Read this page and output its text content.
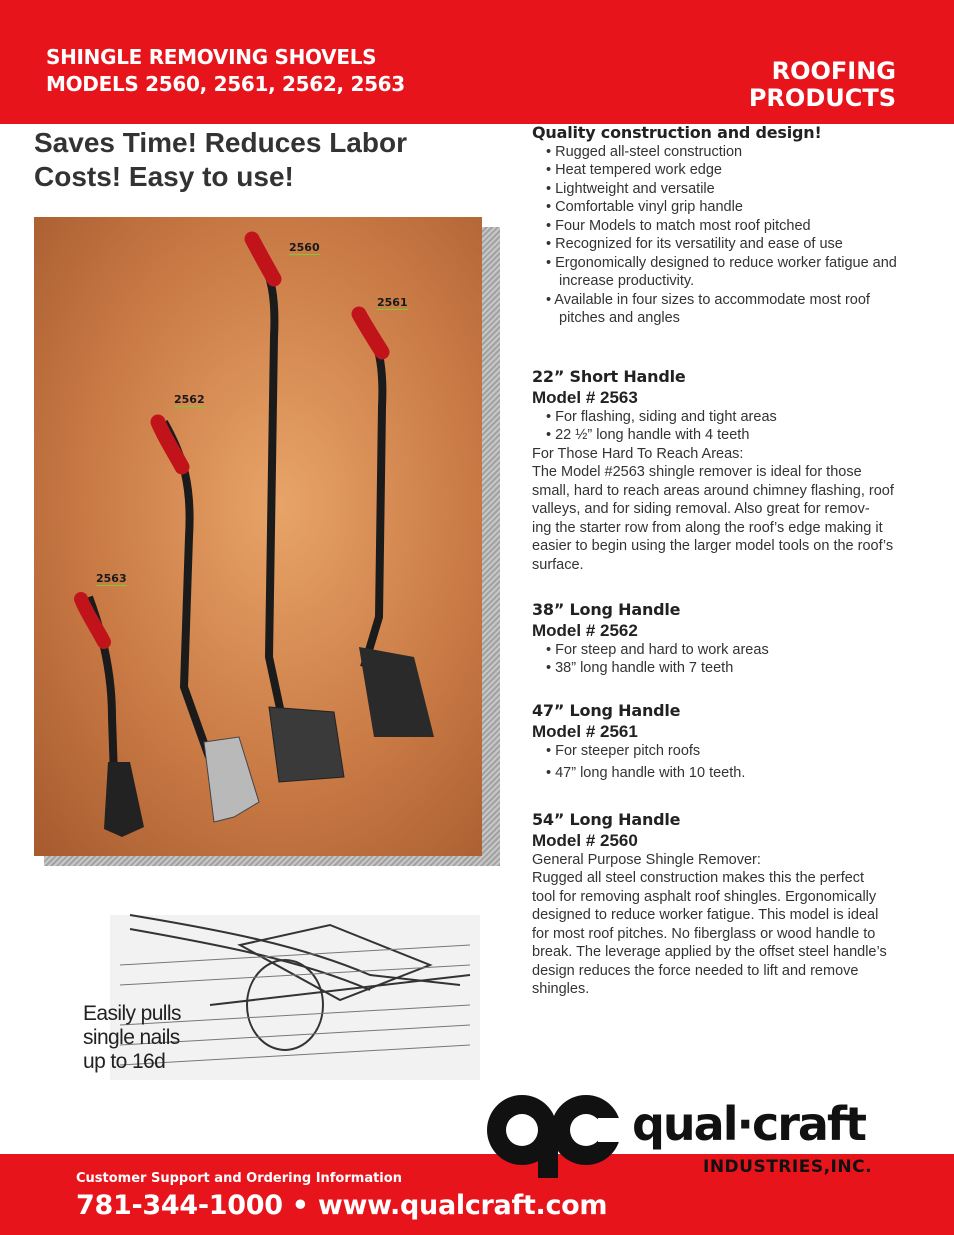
SHINGLE REMOVING SHOVELS
MODELS 2560, 2561, 2562, 2563	ROOFING
PRODUCTS
Saves Time! Reduces Labor
Costs! Easy to use!
2560
2561
2562
2563
Easily pulls
single nails
up to 16d
Quality construction and design!
• Rugged all-steel construction
• Heat tempered work edge
• Lightweight and versatile
• Comfortable vinyl grip handle
• Four Models to match most roof pitched
• Recognized for its versatility and ease of use
• Ergonomically designed to reduce worker fatigue and
increase productivity.
• Available in four sizes to accommodate most roof
pitches and angles
22” Short Handle
Model # 2563
• For flashing, siding and tight areas
• 22 ½” long handle with 4 teeth
For Those Hard To Reach Areas:
The Model #2563 shingle remover is ideal for those
small, hard to reach areas around chimney flashing, roof
valleys, and for siding removal. Also great for remov-
ing the starter row from along the roof’s edge making it
easier to begin using the larger model tools on the roof’s
surface.
38” Long Handle
Model # 2562
• For steep and hard to work areas
• 38” long handle with 7 teeth
47” Long Handle
Model # 2561
• For steeper pitch roofs
• 47” long handle with 10 teeth.
54” Long Handle
Model # 2560
General Purpose Shingle Remover:
Rugged all steel construction makes this the perfect
tool for removing asphalt roof shingles. Ergonomically
designed to reduce worker fatigue. This model is ideal
for most roof pitches. No fiberglass or wood handle to
break. The leverage applied by the offset steel handle’s
design reduces the force needed to lift and remove
shingles.
Customer Support and Ordering Information
781-344-1000 • www.qualcraft.com
qual·craft
INDUSTRIES,INC.
